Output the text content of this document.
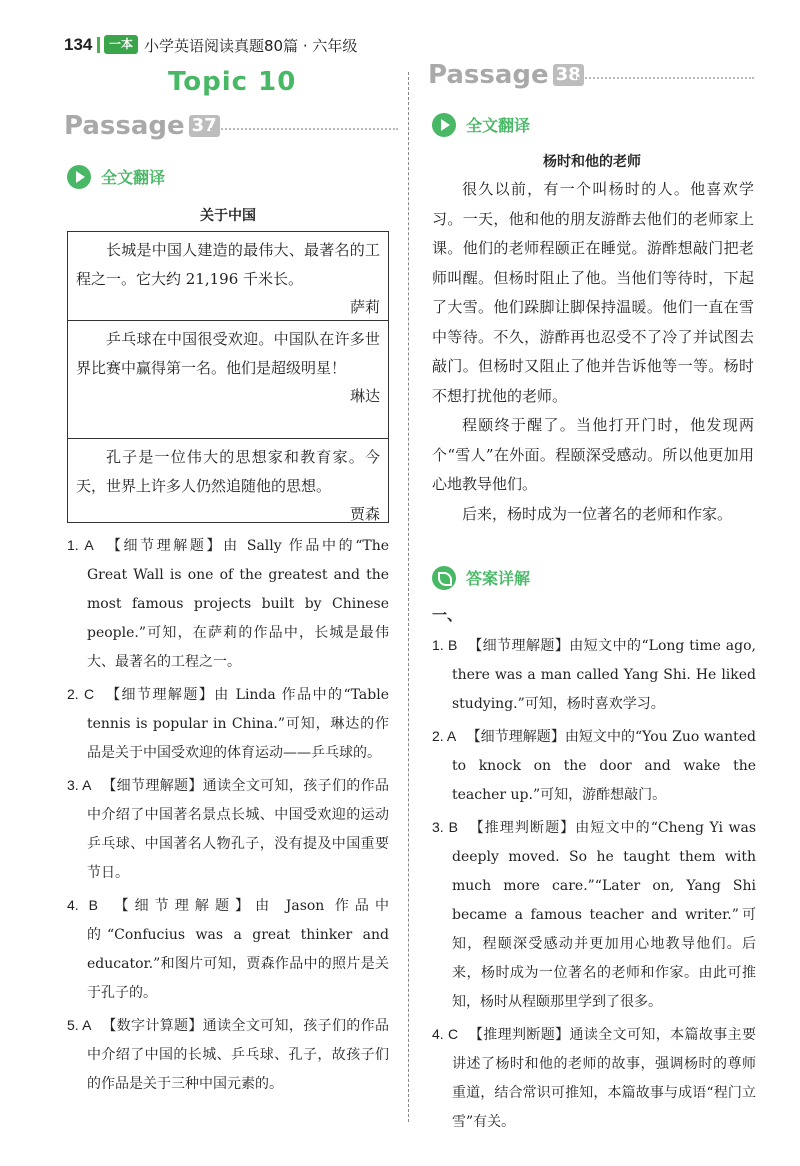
134	一本 小学英语阅读真题80篇 · 六年级
Topic 10
Passage 37
全文翻译
关于中国

长城是中国人建造的最伟大、最著名的工程之一。它大约 21,196 千米长。

萨莉

乒乓球在中国很受欢迎。中国队在许多世界比赛中赢得第一名。他们是超级明星！

琳达

孔子是一位伟大的思想家和教育家。今天，世界上许多人仍然追随他的思想。

贾森

1. A 【细节理解题】由 Sally 作品中的“The Great Wall is one of the greatest and the most famous projects built by Chinese people.”可知，在萨莉的作品中，长城是最伟大、最著名的工程之一。

2. C 【细节理解题】由 Linda 作品中的“Table tennis is popular in China.”可知，琳达的作品是关于中国受欢迎的体育运动——乒乓球的。

3. A 【细节理解题】通读全文可知，孩子们的作品中介绍了中国著名景点长城、中国受欢迎的运动乒乓球、中国著名人物孔子，没有提及中国重要节日。

4. B 【细节理解题】由 Jason 作品中的“Confucius was a great thinker and educator.”和图片可知，贾森作品中的照片是关于孔子的。

5. A 【数字计算题】通读全文可知，孩子们的作品中介绍了中国的长城、乒乓球、孔子，故孩子们的作品是关于三种中国元素的。

Passage 38
全文翻译
杨时和他的老师

很久以前，有一个叫杨时的人。他喜欢学习。一天，他和他的朋友游酢去他们的老师家上课。他们的老师程颐正在睡觉。游酢想敲门把老师叫醒。但杨时阻止了他。当他们等待时，下起了大雪。他们跺脚让脚保持温暖。他们一直在雪中等待。不久，游酢再也忍受不了冷了并试图去敲门。但杨时又阻止了他并告诉他等一等。杨时不想打扰他的老师。

程颐终于醒了。当他打开门时，他发现两个“雪人”在外面。程颐深受感动。所以他更加用心地教导他们。

后来，杨时成为一位著名的老师和作家。

答案详解
一、
1. B 【细节理解题】由短文中的“Long time ago, there was a man called Yang Shi. He liked studying.”可知，杨时喜欢学习。

2. A 【细节理解题】由短文中的“You Zuo wanted to knock on the door and wake the teacher up.”可知，游酢想敲门。

3. B 【推理判断题】由短文中的“Cheng Yi was deeply moved. So he taught them with much more care.”“Later on, Yang Shi became a famous teacher and writer.”可知，程颐深受感动并更加用心地教导他们。后来，杨时成为一位著名的老师和作家。由此可推知，杨时从程颐那里学到了很多。

4. C 【推理判断题】通读全文可知，本篇故事主要讲述了杨时和他的老师的故事，强调杨时的尊师重道，结合常识可推知，本篇故事与成语“程门立雪”有关。
